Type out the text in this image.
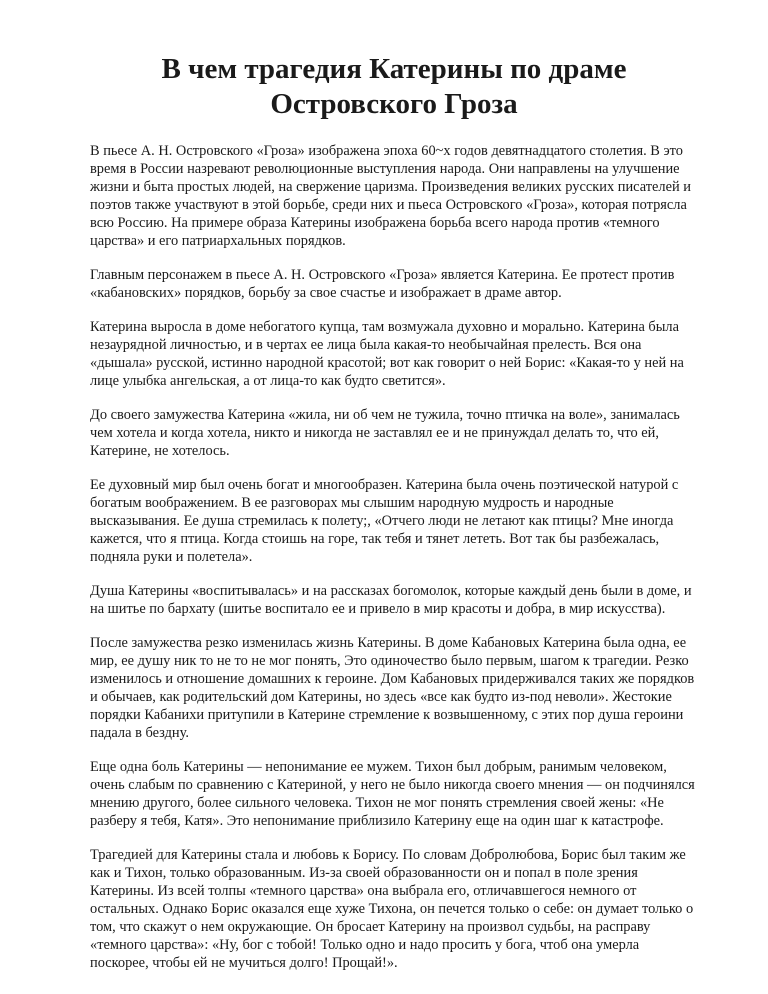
В чем трагедия Катерины по драме Островского Гроза

В пьесе А. Н. Островского «Гроза» изображена эпоха 60~х годов девятнадцатого столетия. В это время в России назревают революционные выступления народа. Они направлены на улучшение жизни и быта простых людей, на свержение царизма. Произведения великих русских писателей и поэтов также участвуют в этой борьбе, среди них и пьеса Островского «Гроза», которая потрясла всю Россию. На примере образа Катерины изображена борьба всего народа против «темного царства» и его патриархальных порядков.

Главным персонажем в пьесе А. Н. Островского «Гроза» является Катерина. Ее протест против «кабановских» порядков, борьбу за свое счастье и изображает в драме автор.

Катерина выросла в доме небогатого купца, там возмужала духовно и морально. Катерина была незаурядной личностью, и в чертах ее лица была какая-то необычайная прелесть. Вся она «дышала» русской, истинно народной красотой; вот как говорит о ней Борис: «Какая-то у ней на лице улыбка ангельская, а от лица-то как будто светится».

До своего замужества Катерина «жила, ни об чем не тужила, точно птичка на воле», занималась чем хотела и когда хотела, никто и никогда не заставлял ее и не принуждал делать то, что ей, Катерине, не хотелось.

Ее духовный мир был очень богат и многообразен. Катерина была очень поэтической натурой с богатым воображением. В ее разговорах мы слышим народную мудрость и народные высказывания. Ее душа стремилась к полету;, «Отчего люди не летают как птицы? Мне иногда кажется, что я птица. Когда стоишь на горе, так тебя и тянет лететь. Вот так бы разбежалась, подняла руки и полетела».

Душа Катерины «воспитывалась» и на рассказах богомолок, которые каждый день были в доме, и на шитье по бархату (шитье воспитало ее и привело в мир красоты и добра, в мир искусства).

После замужества резко изменилась жизнь Катерины. В доме Кабановых Катерина была одна, ее мир, ее душу ник то не то не мог понять, Это одиночество было первым, шагом к трагедии. Резко изменилось и отношение домашних к героине. Дом Кабановых придерживался таких же порядков и обычаев, как родительский дом Катерины, но здесь «все как будто из-под неволи». Жестокие порядки Кабанихи притупили в Катерине стремление к возвышенному, с этих пор душа героини падала в бездну.

Еще одна боль Катерины — непонимание ее мужем. Тихон был добрым, ранимым человеком, очень слабым по сравнению с Катериной, у него не было никогда своего мнения — он подчинялся мнению другого, более сильного человека. Тихон не мог понять стремления своей жены: «Не разберу я тебя, Катя». Это непонимание приблизило Катерину еще на один шаг к катастрофе.

Трагедией для Катерины стала и любовь к Борису. По словам Добролюбова, Борис был таким же как и Тихон, только образованным. Из-за своей образованности он и попал в поле зрения Катерины. Из всей толпы «темного царства» она выбрала его, отличавшегося немного от остальных. Однако Борис оказался еще хуже Тихона, он печется только о себе: он думает только о том, что скажут о нем окружающие. Он бросает Катерину на произвол судьбы, на расправу «темного царства»: «Ну, бог с тобой! Только одно и надо просить у бога, чтоб она умерла поскорее, чтобы ей не мучиться долго! Прощай!».
